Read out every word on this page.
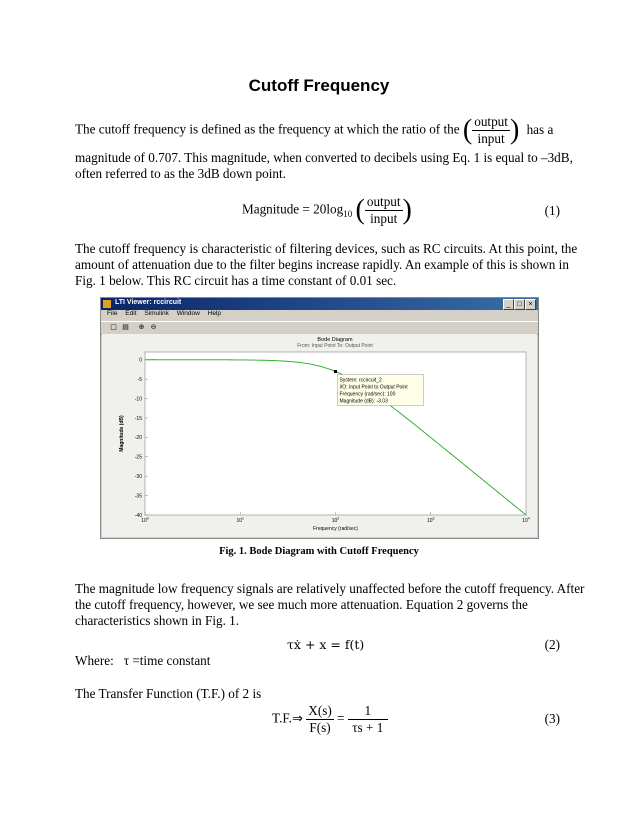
Cutoff Frequency
The cutoff frequency is defined as the frequency at which the ratio of the ( $\frac{\text{output}}{\text{input}}$ ) has a
magnitude of 0.707. This magnitude, when converted to decibels using Eq. 1 is equal to –3dB,
often referred to as the 3dB down point.
Magnitude = $20\log_{10}$ ( $\frac{\text{output}}{\text{input}}$ )	(1)
The cutoff frequency is characteristic of filtering devices, such as RC circuits. At this point, the
amount of attenuation due to the filter begins increase rapidly. An example of this is shown in
Fig. 1 below. This RC circuit has a time constant of 0.01 sec.
LTI Viewer: rccircuit	_ □ ×
File Edit Simulink Window Help
□ ▤ ⊕ ⊖
Bode Diagram
From: Input Point To: Output Point
0
-5
-10
-15
-20
-25
-30
-35
-40
$10^0$	$10^1$	$10^2$	$10^3$	$10^4$
System: rccircuit_2
I/O: Input Point to Output Point
Frequency (rad/sec): 100
Magnitude (dB): -3.03
Magnitude (dB)
Frequency (rad/sec)
Fig. 1. Bode Diagram with Cutoff Frequency
The magnitude low frequency signals are relatively unaffected before the cutoff frequency. After
the cutoff frequency, however, we see much more attenuation. Equation 2 governs the
characteristics shown in Fig. 1.
τẋ + x = f(t)	(2)
Where: τ =time constant
The Transfer Function (T.F.) of 2 is
T.F.⇒ $\frac{X(s)}{F(s)} = \frac{1}{\tau s + 1}$	(3)
